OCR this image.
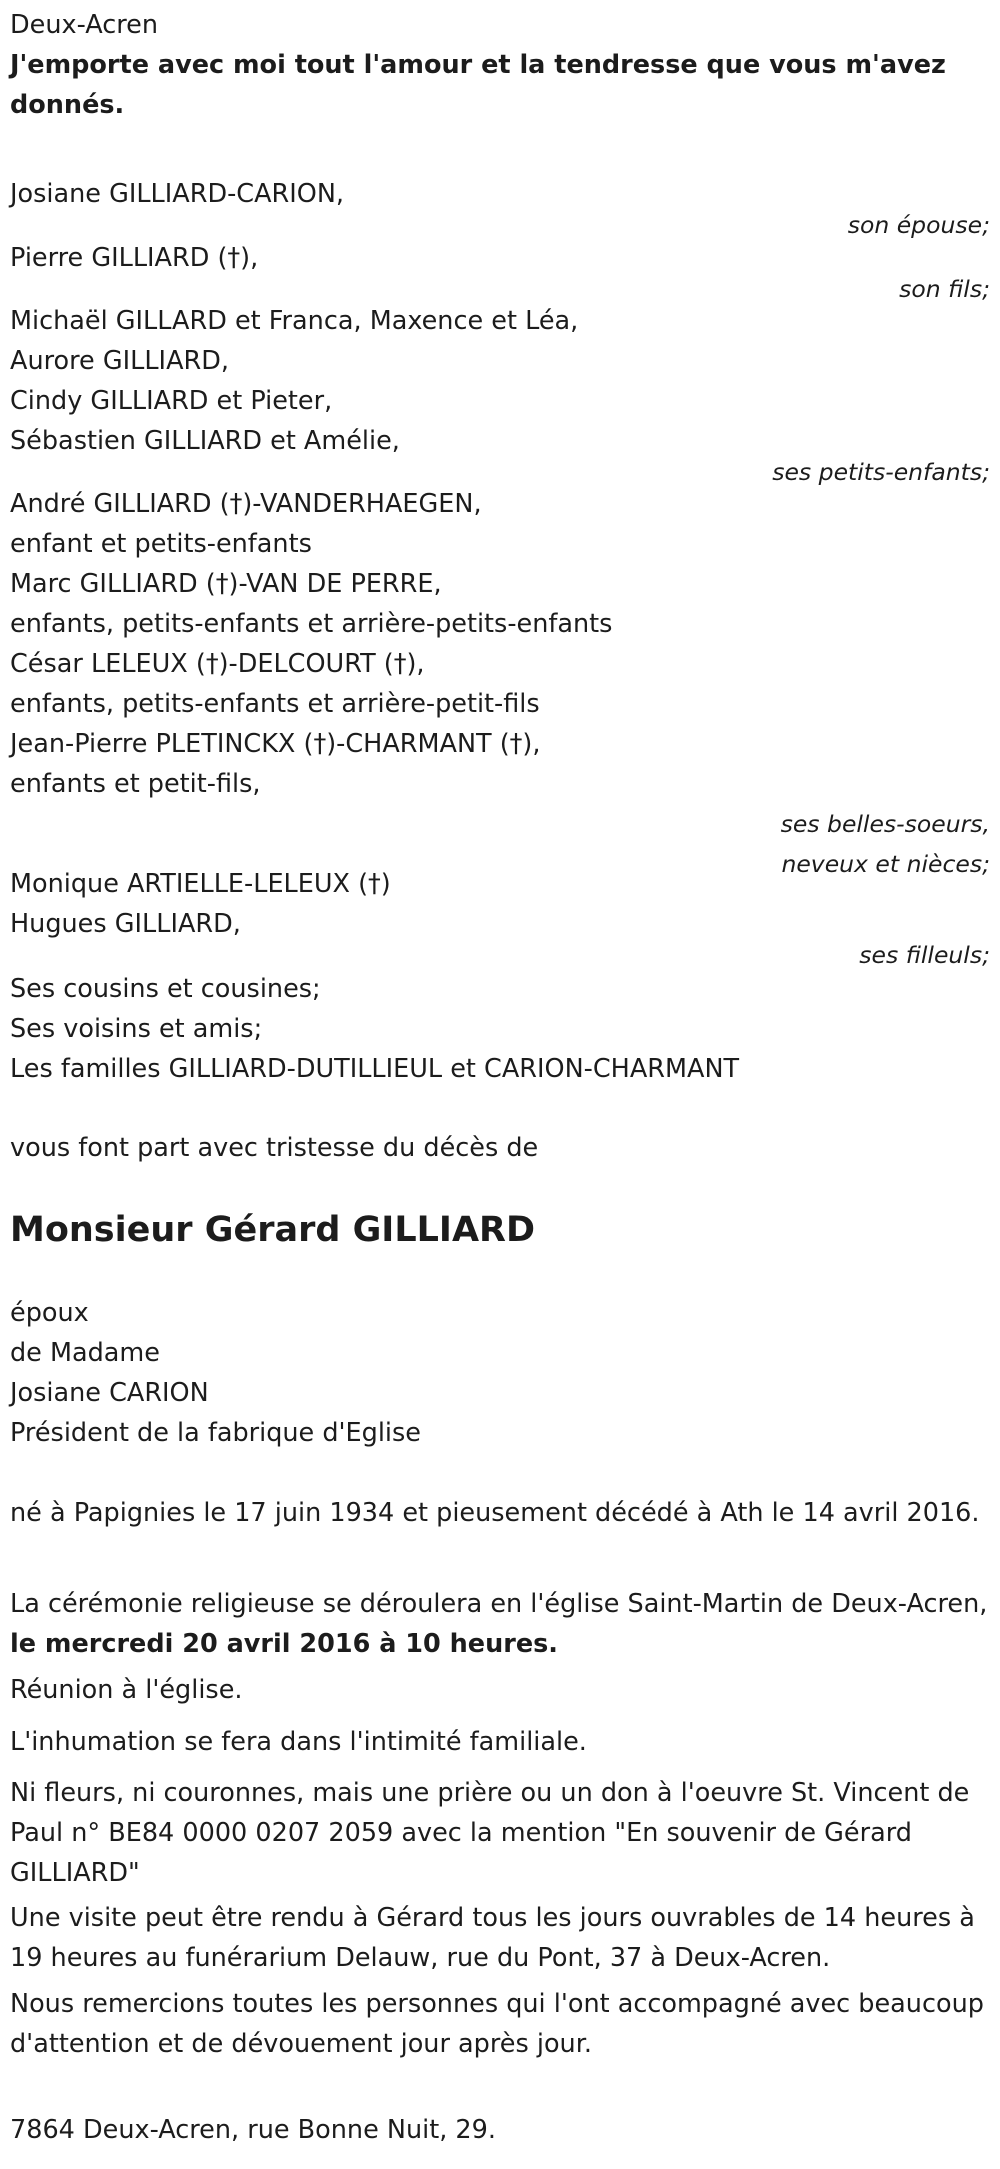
Deux-Acren

J'emporte avec moi tout l'amour et la tendresse que vous m'avez donnés.

Josiane GILLIARD-CARION,

son épouse;

Pierre GILLIARD (†),

son fils;

Michaël GILLARD et Franca, Maxence et Léa,

Aurore GILLIARD,

Cindy GILLIARD et Pieter,

Sébastien GILLIARD et Amélie,

ses petits-enfants;

André GILLIARD (†)-VANDERHAEGEN,

enfant et petits-enfants

Marc GILLIARD (†)-VAN DE PERRE,

enfants, petits-enfants et arrière-petits-enfants

César LELEUX (†)-DELCOURT (†),

enfants, petits-enfants et arrière-petit-fils

Jean-Pierre PLETINCKX (†)-CHARMANT (†),

enfants et petit-fils,

ses belles-soeurs,

neveux et nièces;

Monique ARTIELLE-LELEUX (†)

Hugues GILLIARD,

ses filleuls;

Ses cousins et cousines;

Ses voisins et amis;

Les familles GILLIARD-DUTILLIEUL et CARION-CHARMANT

vous font part avec tristesse du décès de

Monsieur Gérard GILLIARD

époux

de Madame

Josiane CARION

Président de la fabrique d'Eglise

né à Papignies le 17 juin 1934 et pieusement décédé à Ath le 14 avril 2016.

La cérémonie religieuse se déroulera en l'église Saint-Martin de Deux-Acren, le mercredi 20 avril 2016 à 10 heures.

Réunion à l'église.

L'inhumation se fera dans l'intimité familiale.

Ni fleurs, ni couronnes, mais une prière ou un don à l'oeuvre St. Vincent de Paul n° BE84 0000 0207 2059 avec la mention "En souvenir de Gérard GILLIARD"

Une visite peut être rendu à Gérard tous les jours ouvrables de 14 heures à 19 heures au funérarium Delauw, rue du Pont, 37 à Deux-Acren.

Nous remercions toutes les personnes qui l'ont accompagné avec beaucoup d'attention et de dévouement jour après jour.

7864 Deux-Acren, rue Bonne Nuit, 29.
